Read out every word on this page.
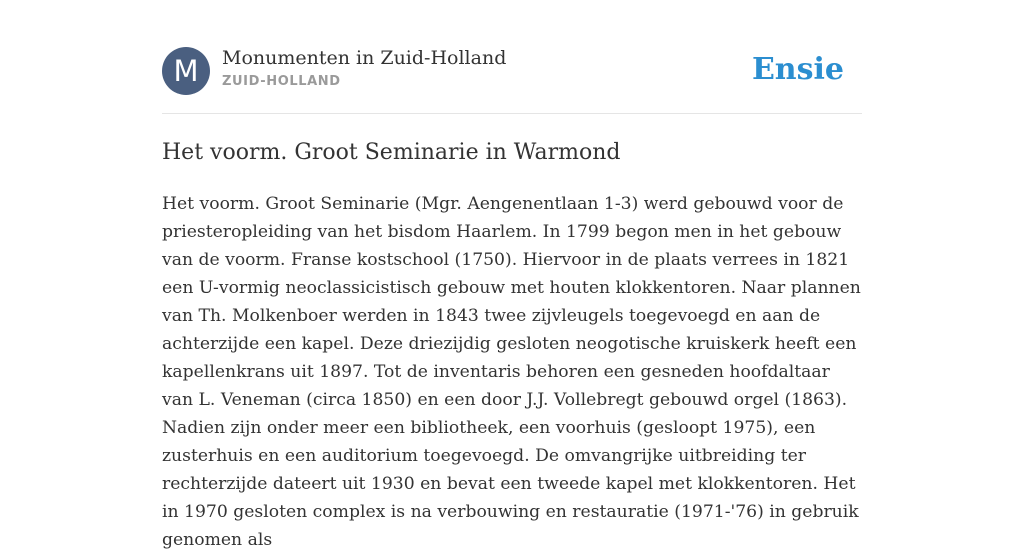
M	Monumenten in Zuid-Holland
ZUID-HOLLAND	Ensie
Het voorm. Groot Seminarie in Warmond

Het voorm. Groot Seminarie (Mgr. Aengenentlaan 1-3) werd gebouwd voor de priesteropleiding van het bisdom Haarlem. In 1799 begon men in het gebouw van de voorm. Franse kostschool (1750). Hiervoor in de plaats verrees in 1821 een U-vormig neoclassicistisch gebouw met houten klokkentoren. Naar plannen van Th. Molkenboer werden in 1843 twee zijvleugels toegevoegd en aan de achterzijde een kapel. Deze driezijdig gesloten neogotische kruiskerk heeft een kapellenkrans uit 1897. Tot de inventaris behoren een gesneden hoofdaltaar van L. Veneman (circa 1850) en een door J.J. Vollebregt gebouwd orgel (1863). Nadien zijn onder meer een bibliotheek, een voorhuis (gesloopt 1975), een zusterhuis en een auditorium toegevoegd. De omvangrijke uitbreiding ter rechterzijde dateert uit 1930 en bevat een tweede kapel met klokkentoren. Het in 1970 gesloten complex is na verbouwing en restauratie (1971-'76) in gebruik genomen als
